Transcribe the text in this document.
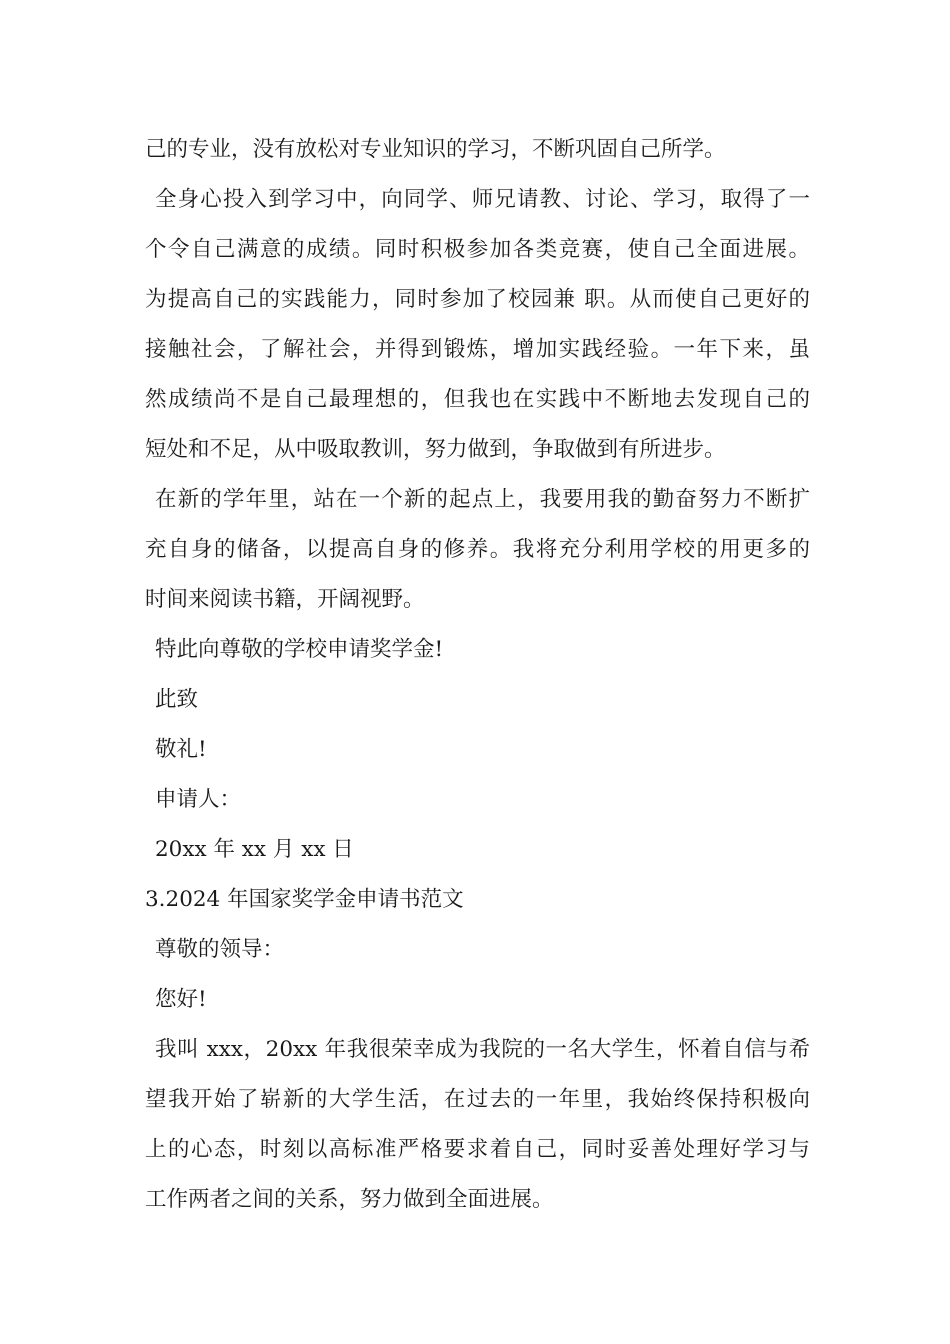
己的专业，没有放松对专业知识的学习，不断巩固自己所学。
全身心投入到学习中，向同学、师兄请教、讨论、学习，取得了一
个令自己满意的成绩。同时积极参加各类竞赛，使自己全面进展。
为提高自己的实践能力，同时参加了校园兼 职。从而使自己更好的
接触社会，了解社会，并得到锻炼，增加实践经验。一年下来，虽
然成绩尚不是自己最理想的，但我也在实践中不断地去发现自己的
短处和不足，从中吸取教训，努力做到，争取做到有所进步。
在新的学年里，站在一个新的起点上，我要用我的勤奋努力不断扩
充自身的储备，以提高自身的修养。我将充分利用学校的用更多的
时间来阅读书籍，开阔视野。
特此向尊敬的学校申请奖学金!
此致
敬礼!
申请人：
20xx 年 xx 月 xx 日
3.2024 年国家奖学金申请书范文
尊敬的领导：
您好!
我叫 xxx，20xx 年我很荣幸成为我院的一名大学生，怀着自信与希
望我开始了崭新的大学生活，在过去的一年里，我始终保持积极向
上的心态，时刻以高标准严格要求着自己，同时妥善处理好学习与
工作两者之间的关系，努力做到全面进展。
